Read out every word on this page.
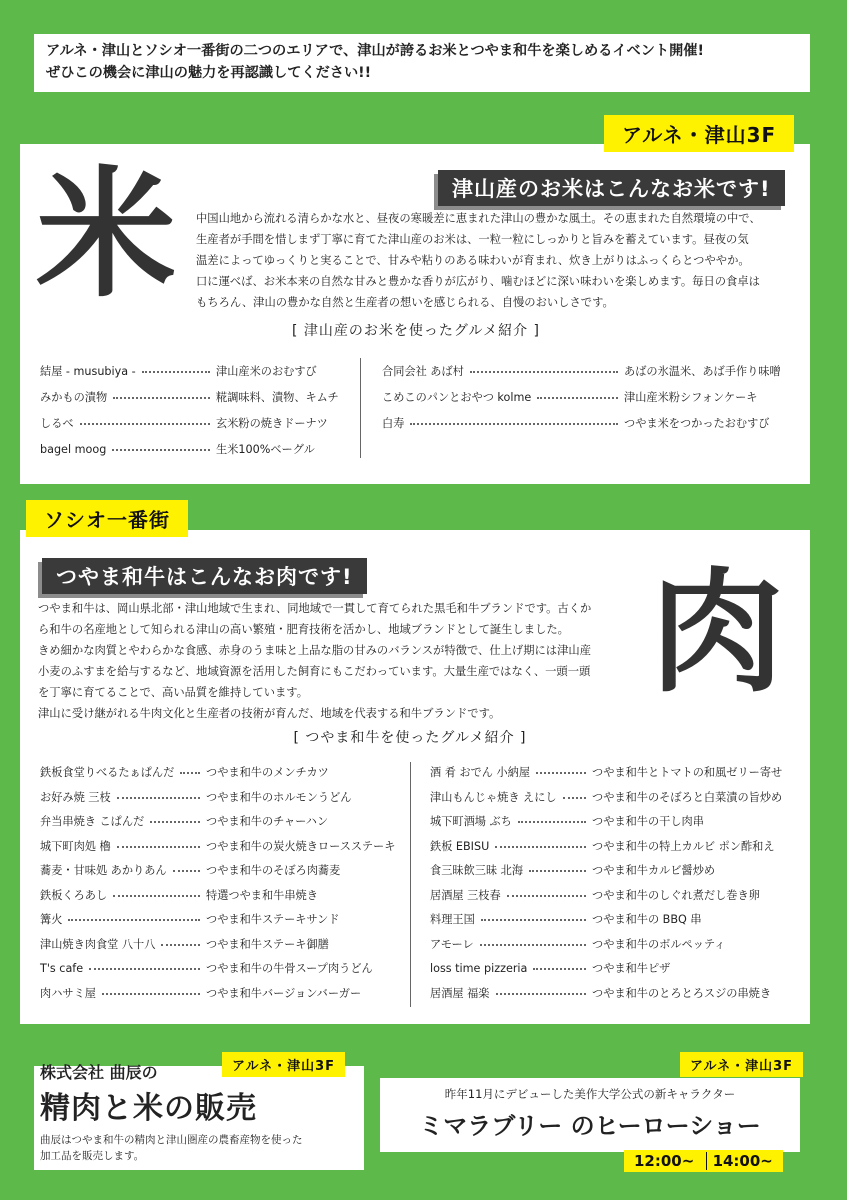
アルネ・津山とソシオ一番街の二つのエリアで、津山が誇るお米とつやま和牛を楽しめるイベント開催!
ぜひこの機会に津山の魅力を再認識してください!!
アルネ・津山3F
米	津山産のお米はこんなお米です!
中国山地から流れる清らかな水と、昼夜の寒暖差に恵まれた津山の豊かな風土。その恵まれた自然環境の中で、
生産者が手間を惜しまず丁寧に育てた津山産のお米は、一粒一粒にしっかりと旨みを蓄えています。昼夜の気
温差によってゆっくりと実ることで、甘みや粘りのある味わいが育まれ、炊き上がりはふっくらとつややか。
口に運べば、お米本来の自然な甘みと豊かな香りが広がり、噛むほどに深い味わいを楽しめます。毎日の食卓は
もちろん、津山の豊かな自然と生産者の想いを感じられる、自慢のおいしさです。
[ 津山産のお米を使ったグルメ紹介 ]
結屋 - musubiya -	津山産米のおむすび
みかもの漬物	糀調味料、漬物、キムチ
しるべ	玄米粉の焼きドーナツ
bagel moog	生米100%ベーグル
合同会社 あば村	あばの氷温米、あば手作り味噌
こめこのパンとおやつ kolme	津山産米粉シフォンケーキ
白寿	つやま米をつかったおむすび
ソシオ一番街
つやま和牛はこんなお肉です! 肉
つやま和牛は、岡山県北部・津山地域で生まれ、同地域で一貫して育てられた黒毛和牛ブランドです。古くか
ら和牛の名産地として知られる津山の高い繁殖・肥育技術を活かし、地域ブランドとして誕生しました。
きめ細かな肉質とやわらかな食感、赤身のうま味と上品な脂の甘みのバランスが特徴で、仕上げ期には津山産
小麦のふすまを給与するなど、地域資源を活用した飼育にもこだわっています。大量生産ではなく、一頭一頭
を丁寧に育てることで、高い品質を維持しています。
津山に受け継がれる牛肉文化と生産者の技術が育んだ、地域を代表する和牛ブランドです。
[ つやま和牛を使ったグルメ紹介 ]
鉄板食堂りべるたぁぱんだ	つやま和牛のメンチカツ
お好み焼 三枝	つやま和牛のホルモンうどん
弁当串焼き こぱんだ	つやま和牛のチャーハン
城下町肉処 櫓	つやま和牛の炭火焼きロースステーキ
蕎麦・甘味処 あかりあん	つやま和牛のそぼろ肉蕎麦
鉄板くろあし	特選つやま和牛串焼き
篝火	つやま和牛ステーキサンド
津山焼き肉食堂 八十八	つやま和牛ステーキ御膳
T's cafe	つやま和牛の牛骨スープ肉うどん
肉ハサミ屋	つやま和牛バージョンバーガー
酒 肴 おでん 小納屋	つやま和牛とトマトの和風ゼリー寄せ
津山もんじゃ焼き えにし	つやま和牛のそぼろと白菜漬の旨炒め
城下町酒場 ぶち	つやま和牛の干し肉串
鉄板 EBISU	つやま和牛の特上カルビ ポン酢和え
食三昧飲三昧 北海	つやま和牛カルビ醤炒め
居酒屋 三枝春	つやま和牛のしぐれ煮だし巻き卵
料理王国	つやま和牛の BBQ 串
アモーレ	つやま和牛のボルペッティ
loss time pizzeria	つやま和牛ピザ
居酒屋 福楽	つやま和牛のとろとろスジの串焼き
アルネ・津山3F
株式会社 曲辰の
精肉と米の販売
曲辰はつやま和牛の精肉と津山圏産の農畜産物を使った
加工品を販売します。
アルネ・津山3F
昨年11月にデビューした美作大学公式の新キャラクター
ミマラブリー のヒーローショー
12:00~ 14:00~
